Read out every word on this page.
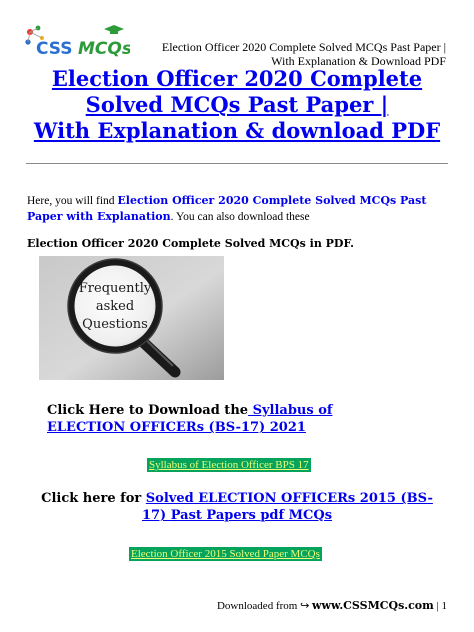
CSS MCQs	Election Officer 2020 Complete Solved MCQs Past Paper |
With Explanation & Download PDF
Election Officer 2020 Complete
Solved MCQs Past Paper |
With Explanation & download PDF
Here, you will find Election Officer 2020 Complete Solved MCQs Past Paper with Explanation. You can also download these
Election Officer 2020 Complete Solved MCQs in PDF.
Frequently
asked
Questions
Click Here to Download the Syllabus of ELECTION OFFICERs (BS-17) 2021
Syllabus of Election Officer BPS 17
Click here for Solved ELECTION OFFICERs 2015 (BS-17) Past Papers pdf MCQs
Election Officer 2015 Solved Paper MCQs
Downloaded from ↪ www.CSSMCQs.com | 1
